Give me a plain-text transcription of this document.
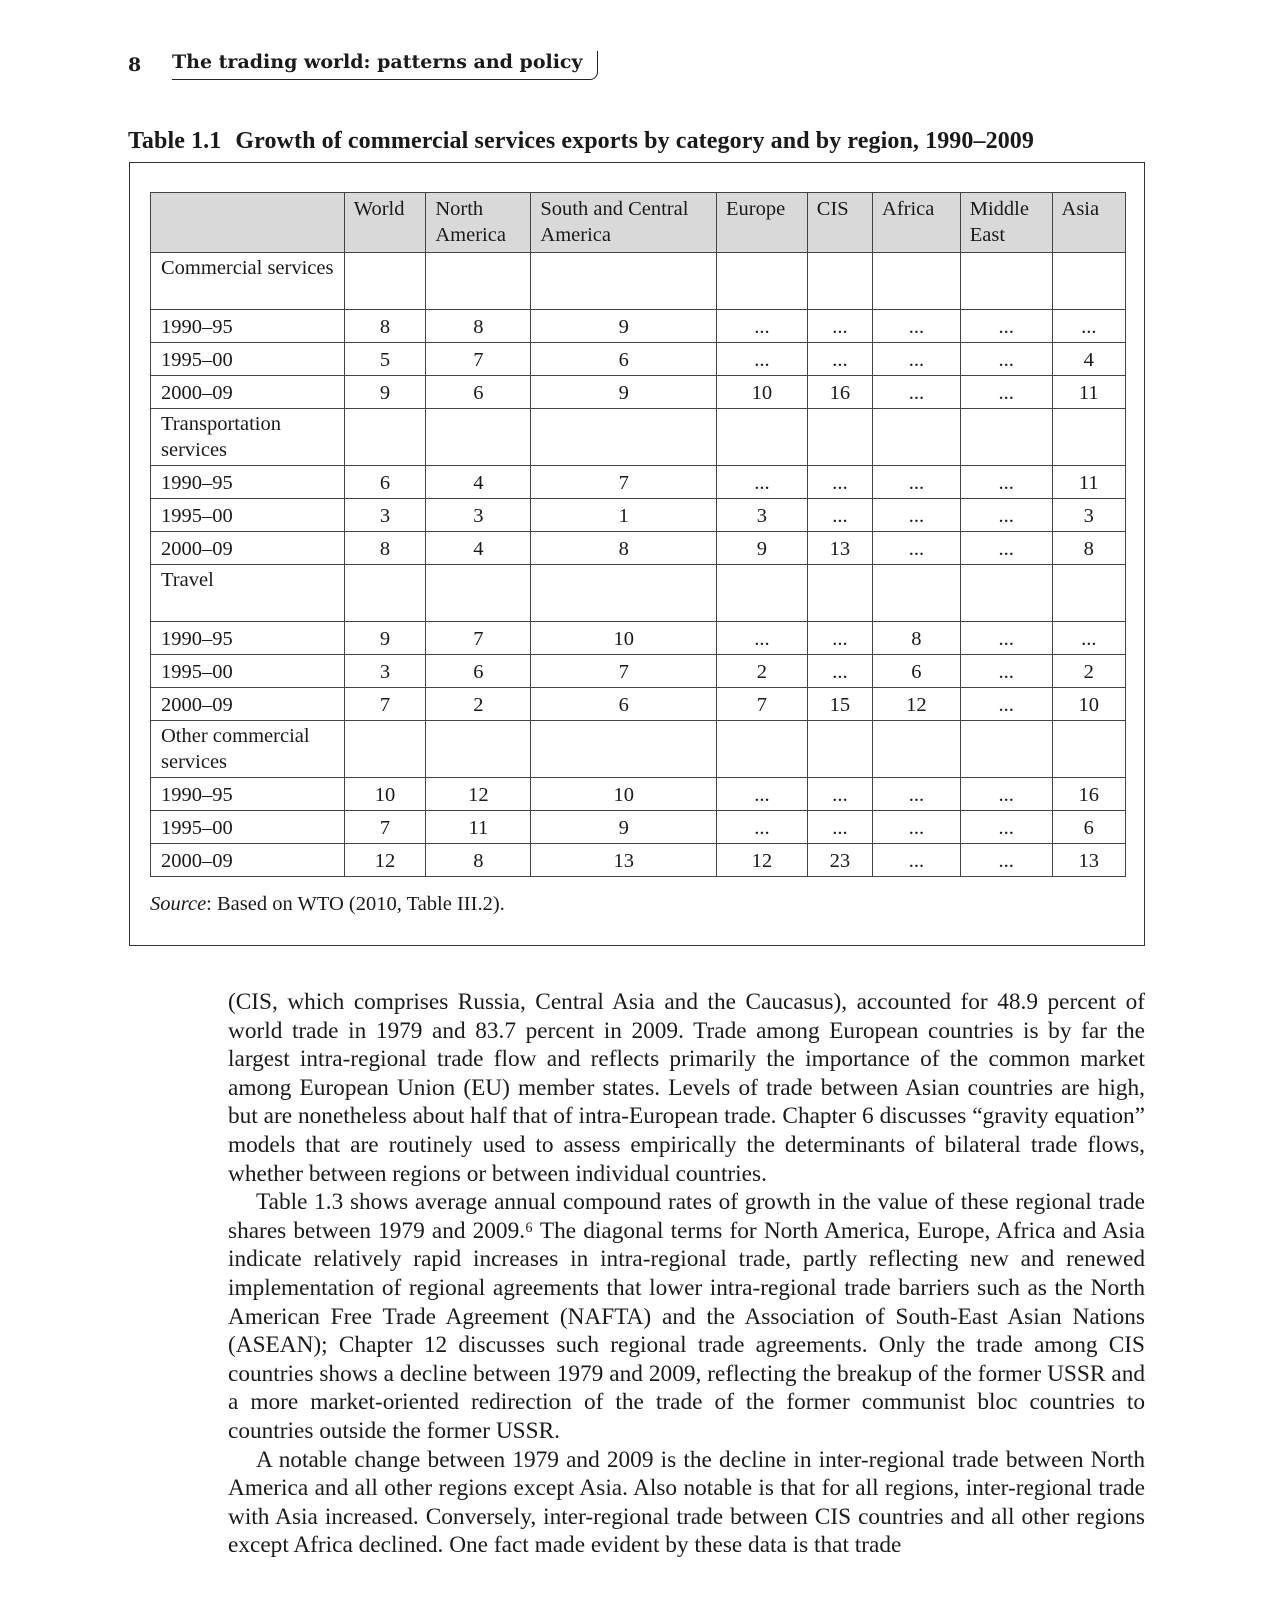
8	The trading world: patterns and policy
Table 1.1 Growth of commercial services exports by category and by region, 1990–2009
	World	North America	South and Central America	Europe	CIS	Africa	Middle East	Asia
Commercial services								
1990–95	8	8	9	...	...	...	...	...
1995–00	5	7	6	...	...	...	...	4
2000–09	9	6	9	10	16	...	...	11
Transportation services								
1990–95	6	4	7	...	...	...	...	11
1995–00	3	3	1	3	...	...	...	3
2000–09	8	4	8	9	13	...	...	8
Travel								
1990–95	9	7	10	...	...	8	...	...
1995–00	3	6	7	2	...	6	...	2
2000–09	7	2	6	7	15	12	...	10
Other commercial services								
1990–95	10	12	10	...	...	...	...	16
1995–00	7	11	9	...	...	...	...	6
2000–09	12	8	13	12	23	...	...	13
Source: Based on WTO (2010, Table III.2).

(CIS, which comprises Russia, Central Asia and the Caucasus), accounted for 48.9 percent of world trade in 1979 and 83.7 percent in 2009. Trade among European countries is by far the largest intra-regional trade flow and reflects primarily the importance of the common market among European Union (EU) member states. Levels of trade between Asian countries are high, but are nonetheless about half that of intra-European trade. Chapter 6 discusses “gravity equation” models that are routinely used to assess empirically the determinants of bilateral trade flows, whether between regions or between individual countries.

Table 1.3 shows average annual compound rates of growth in the value of these regional trade shares between 1979 and 2009.⁶ The diagonal terms for North America, Europe, Africa and Asia indicate relatively rapid increases in intra-regional trade, partly reflecting new and renewed implementation of regional agreements that lower intra-regional trade barriers such as the North American Free Trade Agreement (NAFTA) and the Association of South-East Asian Nations (ASEAN); Chapter 12 discusses such regional trade agreements. Only the trade among CIS countries shows a decline between 1979 and 2009, reflecting the breakup of the former USSR and a more market-oriented redirection of the trade of the former communist bloc countries to countries outside the former USSR.

A notable change between 1979 and 2009 is the decline in inter-regional trade between North America and all other regions except Asia. Also notable is that for all regions, inter-regional trade with Asia increased. Conversely, inter-regional trade between CIS countries and all other regions except Africa declined. One fact made evident by these data is that trade
